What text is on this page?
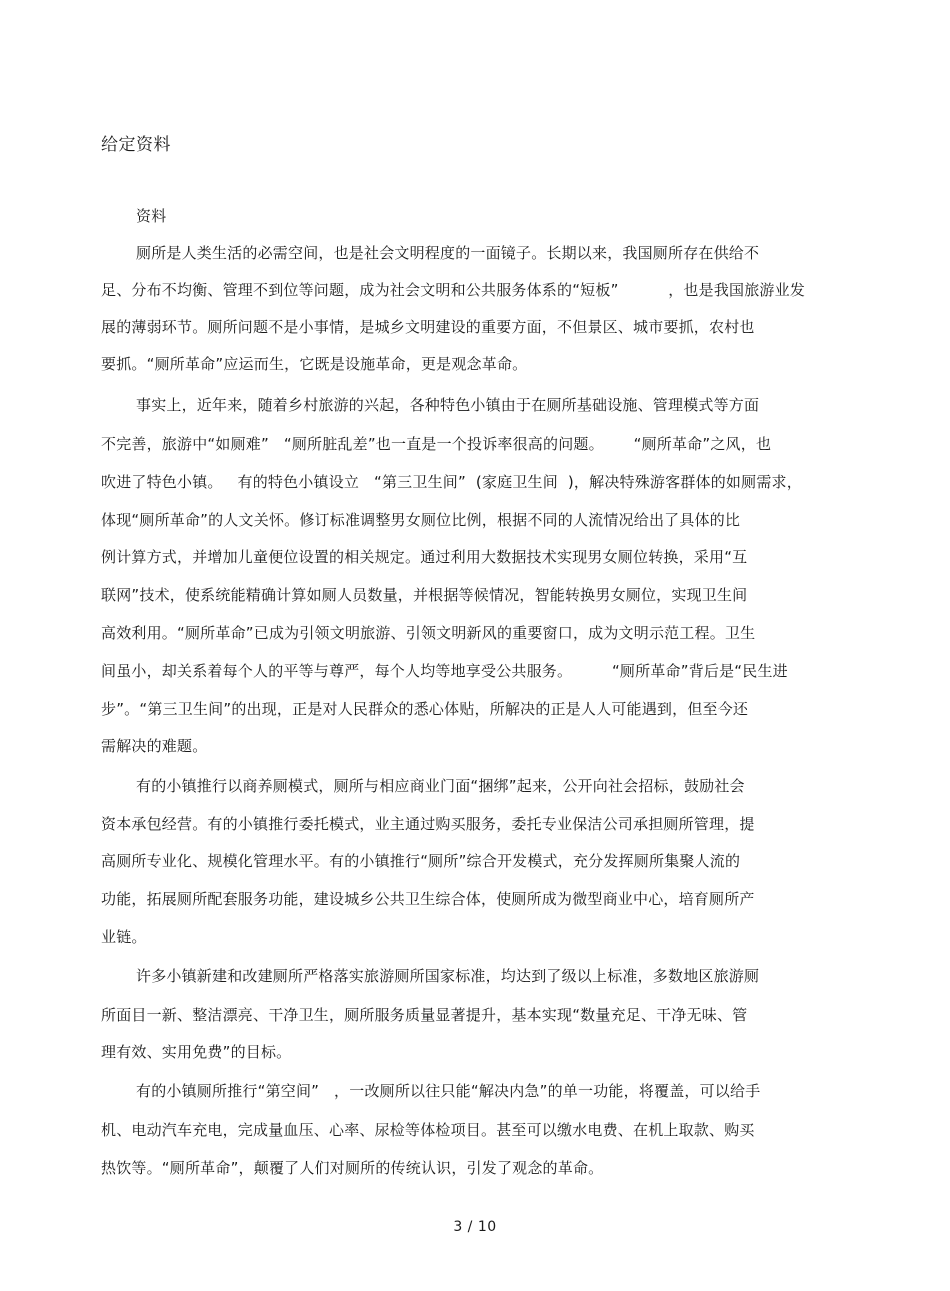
给定资料
资料
厕所是人类生活的必需空间，也是社会文明程度的一面镜子。长期以来，我国厕所存在供给不
足、分布不均衡、管理不到位等问题，成为社会文明和公共服务体系的“短板”          ，也是我国旅游业发
展的薄弱环节。厕所问题不是小事情，是城乡文明建设的重要方面，不但景区、城市要抓，农村也
要抓。“厕所革命”应运而生，它既是设施革命，更是观念革命。
事实上，近年来，随着乡村旅游的兴起，各种特色小镇由于在厕所基础设施、管理模式等方面
不完善，旅游中“如厕难”   “厕所脏乱差”也一直是一个投诉率很高的问题。      “厕所革命”之风，也
吹进了特色小镇。   有的特色小镇设立   “第三卫生间”  (家庭卫生间  )，解决特殊游客群体的如厕需求，
体现“厕所革命”的人文关怀。修订标准调整男女厕位比例，根据不同的人流情况给出了具体的比
例计算方式，并增加儿童便位设置的相关规定。通过利用大数据技术实现男女厕位转换，采用“互
联网”技术，使系统能精确计算如厕人员数量，并根据等候情况，智能转换男女厕位，实现卫生间
高效利用。“厕所革命”已成为引领文明旅游、引领文明新风的重要窗口，成为文明示范工程。卫生
间虽小，却关系着每个人的平等与尊严，每个人均等地享受公共服务。        “厕所革命”背后是“民生进
步”。“第三卫生间”的出现，正是对人民群众的悉心体贴，所解决的正是人人可能遇到，但至今还
需解决的难题。
有的小镇推行以商养厕模式，厕所与相应商业门面“捆绑”起来，公开向社会招标，鼓励社会
资本承包经营。有的小镇推行委托模式，业主通过购买服务，委托专业保洁公司承担厕所管理，提
高厕所专业化、规模化管理水平。有的小镇推行“厕所”综合开发模式，充分发挥厕所集聚人流的
功能，拓展厕所配套服务功能，建设城乡公共卫生综合体，使厕所成为微型商业中心，培育厕所产
业链。
许多小镇新建和改建厕所严格落实旅游厕所国家标准，均达到了级以上标准，多数地区旅游厕
所面目一新、整洁漂亮、干净卫生，厕所服务质量显著提升，基本实现“数量充足、干净无味、管
理有效、实用免费”的目标。
有的小镇厕所推行“第空间”   ，一改厕所以往只能“解决内急”的单一功能，将覆盖，可以给手
机、电动汽车充电，完成量血压、心率、尿检等体检项目。甚至可以缴水电费、在机上取款、购买
热饮等。“厕所革命”，颠覆了人们对厕所的传统认识，引发了观念的革命。
3 / 10
